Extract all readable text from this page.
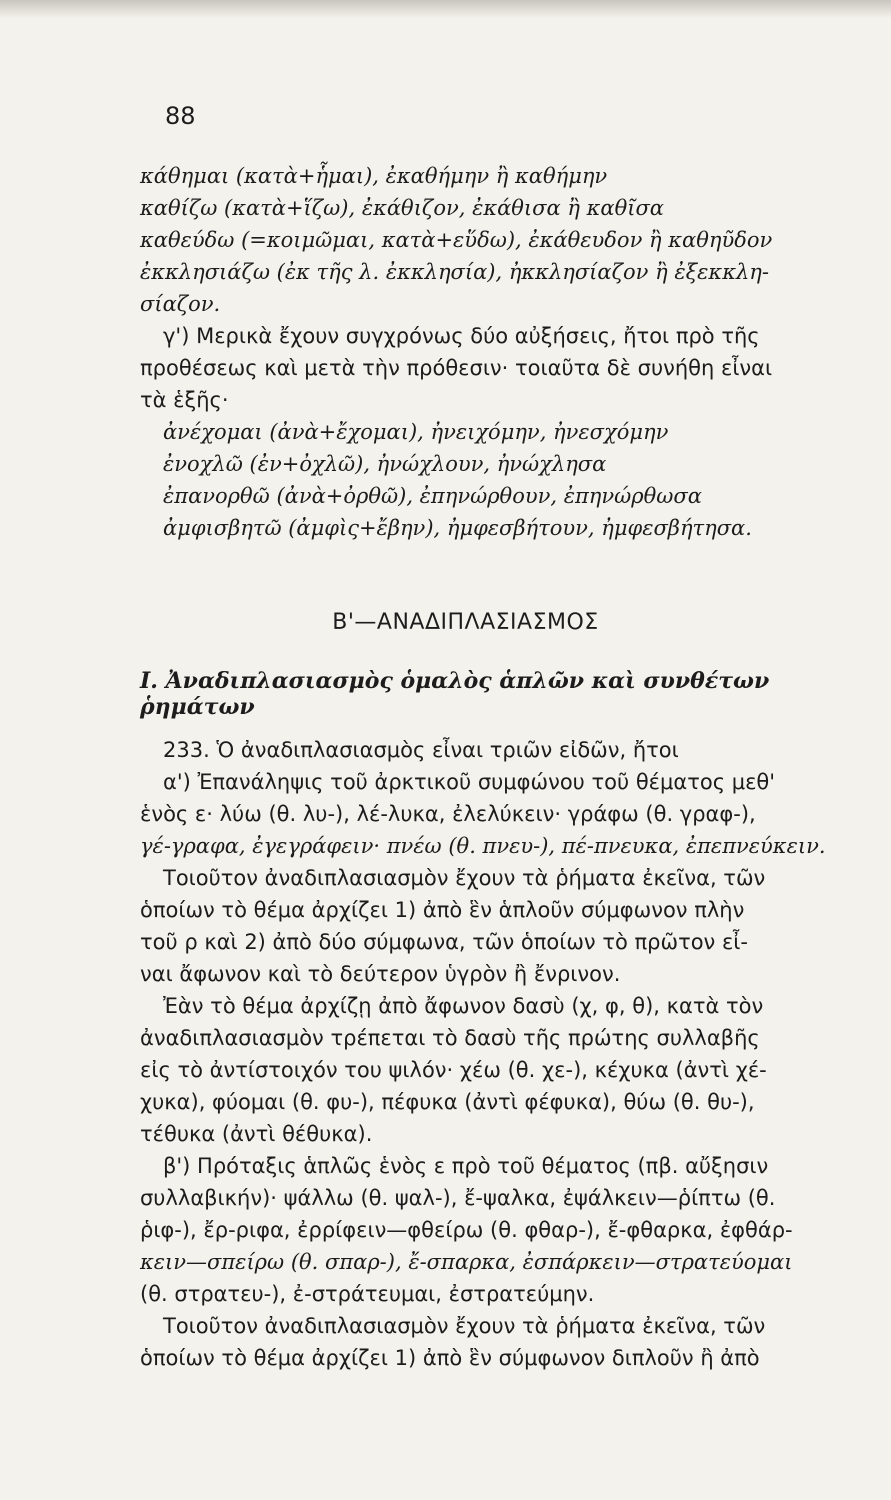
88
κάθημαι (κατὰ+ἧμαι), ἐκαθήμην ἢ καθήμην
καθίζω (κατὰ+ἵζω), ἐκάθιζον, ἐκάθισα ἢ καθῖσα
καθεύδω (=κοιμῶμαι, κατὰ+εὕδω), ἐκάθευδον ἢ καθηῦδον
ἐκκλησιάζω (ἐκ τῆς λ. ἐκκλησία), ἠκκλησίαζον ἢ ἐξεκκλη-
σίαζον.
γ') Μερικὰ ἔχουν συγχρόνως δύο αὐξήσεις, ἤτοι πρὸ τῆς
προθέσεως καὶ μετὰ τὴν πρόθεσιν· τοιαῦτα δὲ συνήθη εἶναι
τὰ ἑξῆς·
ἀνέχομαι (ἀνὰ+ἔχομαι), ἠνειχόμην, ἠνεσχόμην
ἐνοχλῶ (ἐν+ὀχλῶ), ἠνώχλουν, ἠνώχλησα
ἐπανορθῶ (ἀνὰ+ὀρθῶ), ἐπηνώρθουν, ἐπηνώρθωσα
ἀμφισβητῶ (ἀμφὶς+ἔβην), ἠμφεσβήτουν, ἠμφεσβήτησα.
Β'—ΑΝΑΔΙΠΛΑΣΙΑΣΜΟΣ
Ι. Ἀναδιπλασιασμὸς ὁμαλὸς ἁπλῶν καὶ συνθέτων ῥημάτων
233. Ὁ ἀναδιπλασιασμὸς εἶναι τριῶν εἰδῶν, ἤτοι
α') Ἐπανάληψις τοῦ ἀρκτικοῦ συμφώνου τοῦ θέματος μεθ'
ἑνὸς ε· λύω (θ. λυ-), λέ-λυκα, ἐλελύκειν· γράφω (θ. γραφ-),
γέ-γραφα, ἐγεγράφειν· πνέω (θ. πνευ-), πέ-πνευκα, ἐπεπνεύκειν.
Τοιοῦτον ἀναδιπλασιασμὸν ἔχουν τὰ ῥήματα ἐκεῖνα, τῶν
ὁποίων τὸ θέμα ἀρχίζει 1) ἀπὸ ἓν ἁπλοῦν σύμφωνον πλὴν
τοῦ ρ καὶ 2) ἀπὸ δύο σύμφωνα, τῶν ὁποίων τὸ πρῶτον εἶ-
ναι ἄφωνον καὶ τὸ δεύτερον ὑγρὸν ἢ ἔνρινον.
Ἐὰν τὸ θέμα ἀρχίζῃ ἀπὸ ἄφωνον δασὺ (χ, φ, θ), κατὰ τὸν
ἀναδιπλασιασμὸν τρέπεται τὸ δασὺ τῆς πρώτης συλλαβῆς
εἰς τὸ ἀντίστοιχόν του ψιλόν· χέω (θ. χε-), κέχυκα (ἀντὶ χέ-
χυκα), φύομαι (θ. φυ-), πέφυκα (ἀντὶ φέφυκα), θύω (θ. θυ-),
τέθυκα (ἀντὶ θέθυκα).
β') Πρόταξις ἁπλῶς ἑνὸς ε πρὸ τοῦ θέματος (πβ. αὔξησιν
συλλαβικήν)· ψάλλω (θ. ψαλ-), ἔ-ψαλκα, ἐψάλκειν—ῥίπτω (θ.
ῥιφ-), ἔρ-ριφα, ἐρρίφειν—φθείρω (θ. φθαρ-), ἔ-φθαρκα, ἐφθάρ-
κειν—σπείρω (θ. σπαρ-), ἔ-σπαρκα, ἐσπάρκειν—στρατεύομαι
(θ. στρατευ-), ἐ-στράτευμαι, ἐστρατεύμην.
Τοιοῦτον ἀναδιπλασιασμὸν ἔχουν τὰ ῥήματα ἐκεῖνα, τῶν
ὁποίων τὸ θέμα ἀρχίζει 1) ἀπὸ ἓν σύμφωνον διπλοῦν ἢ ἀπὸ
